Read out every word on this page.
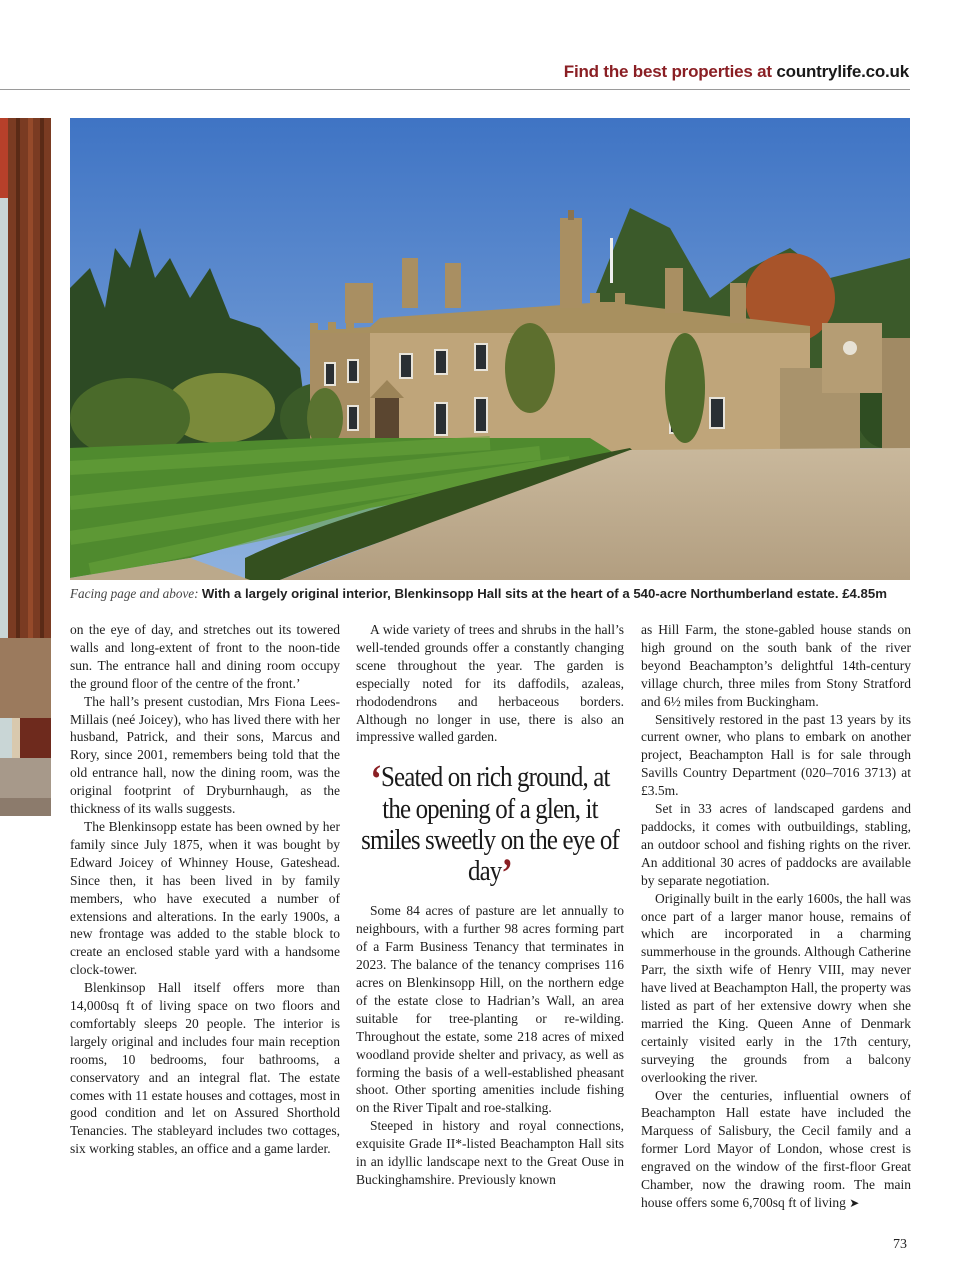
Find the best properties at countrylife.co.uk
Facing page and above: With a largely original interior, Blenkinsopp Hall sits at the heart of a 540-acre Northumberland estate. £4.85m

on the eye of day, and stretches out its towered walls and long-extent of front to the noon-tide sun. The entrance hall and dining room occupy the ground floor of the centre of the front.’

The hall’s present custodian, Mrs Fiona Lees-Millais (neé Joicey), who has lived there with her husband, Patrick, and their sons, Marcus and Rory, since 2001, remembers being told that the old entrance hall, now the dining room, was the original footprint of Dryburnhaugh, as the thickness of its walls suggests.

The Blenkinsopp estate has been owned by her family since July 1875, when it was bought by Edward Joicey of Whinney House, Gateshead. Since then, it has been lived in by family members, who have executed a number of extensions and alterations. In the early 1900s, a new frontage was added to the stable block to create an enclosed stable yard with a handsome clock-tower.

Blenkinsop Hall itself offers more than 14,000sq ft of living space on two floors and comfortably sleeps 20 people. The interior is largely original and includes four main reception rooms, 10 bedrooms, four bathrooms, a conservatory and an integral flat. The estate comes with 11 estate houses and cottages, most in good condition and let on Assured Shorthold Tenancies. The stableyard includes two cottages, six working stables, an office and a game larder.

A wide variety of trees and shrubs in the hall’s well-tended grounds offer a constantly changing scene throughout the year. The garden is especially noted for its daffodils, azaleas, rhododendrons and herbaceous borders. Although no longer in use, there is also an impressive walled garden.

‘Seated on rich ground, at the opening of a glen, it smiles sweetly on the eye of day’

Some 84 acres of pasture are let annually to neighbours, with a further 98 acres forming part of a Farm Business Tenancy that terminates in 2023. The balance of the tenancy comprises 116 acres on Blenkinsopp Hill, on the northern edge of the estate close to Hadrian’s Wall, an area suitable for tree-planting or re-wilding. Throughout the estate, some 218 acres of mixed woodland provide shelter and privacy, as well as forming the basis of a well-established pheasant shoot. Other sporting amenities include fishing on the River Tipalt and roe-stalking.

Steeped in history and royal connections, exquisite Grade II*-listed Beachampton Hall sits in an idyllic landscape next to the Great Ouse in Buckinghamshire. Previously known

as Hill Farm, the stone-gabled house stands on high ground on the south bank of the river beyond Beachampton’s delightful 14th-century village church, three miles from Stony Stratford and 6½ miles from Buckingham.

Sensitively restored in the past 13 years by its current owner, who plans to embark on another project, Beachampton Hall is for sale through Savills Country Department (020–7016 3713) at £3.5m.

Set in 33 acres of landscaped gardens and paddocks, it comes with outbuildings, stabling, an outdoor school and fishing rights on the river. An additional 30 acres of paddocks are available by separate negotiation.

Originally built in the early 1600s, the hall was once part of a larger manor house, remains of which are incorporated in a charming summerhouse in the grounds. Although Catherine Parr, the sixth wife of Henry VIII, may never have lived at Beachampton Hall, the property was listed as part of her extensive dowry when she married the King. Queen Anne of Denmark certainly visited early in the 17th century, surveying the grounds from a balcony overlooking the river.

Over the centuries, influential owners of Beachampton Hall estate have included the Marquess of Salisbury, the Cecil family and a former Lord Mayor of London, whose crest is engraved on the window of the first-floor Great Chamber, now the drawing room. The main house offers some 6,700sq ft of living ➤

73
